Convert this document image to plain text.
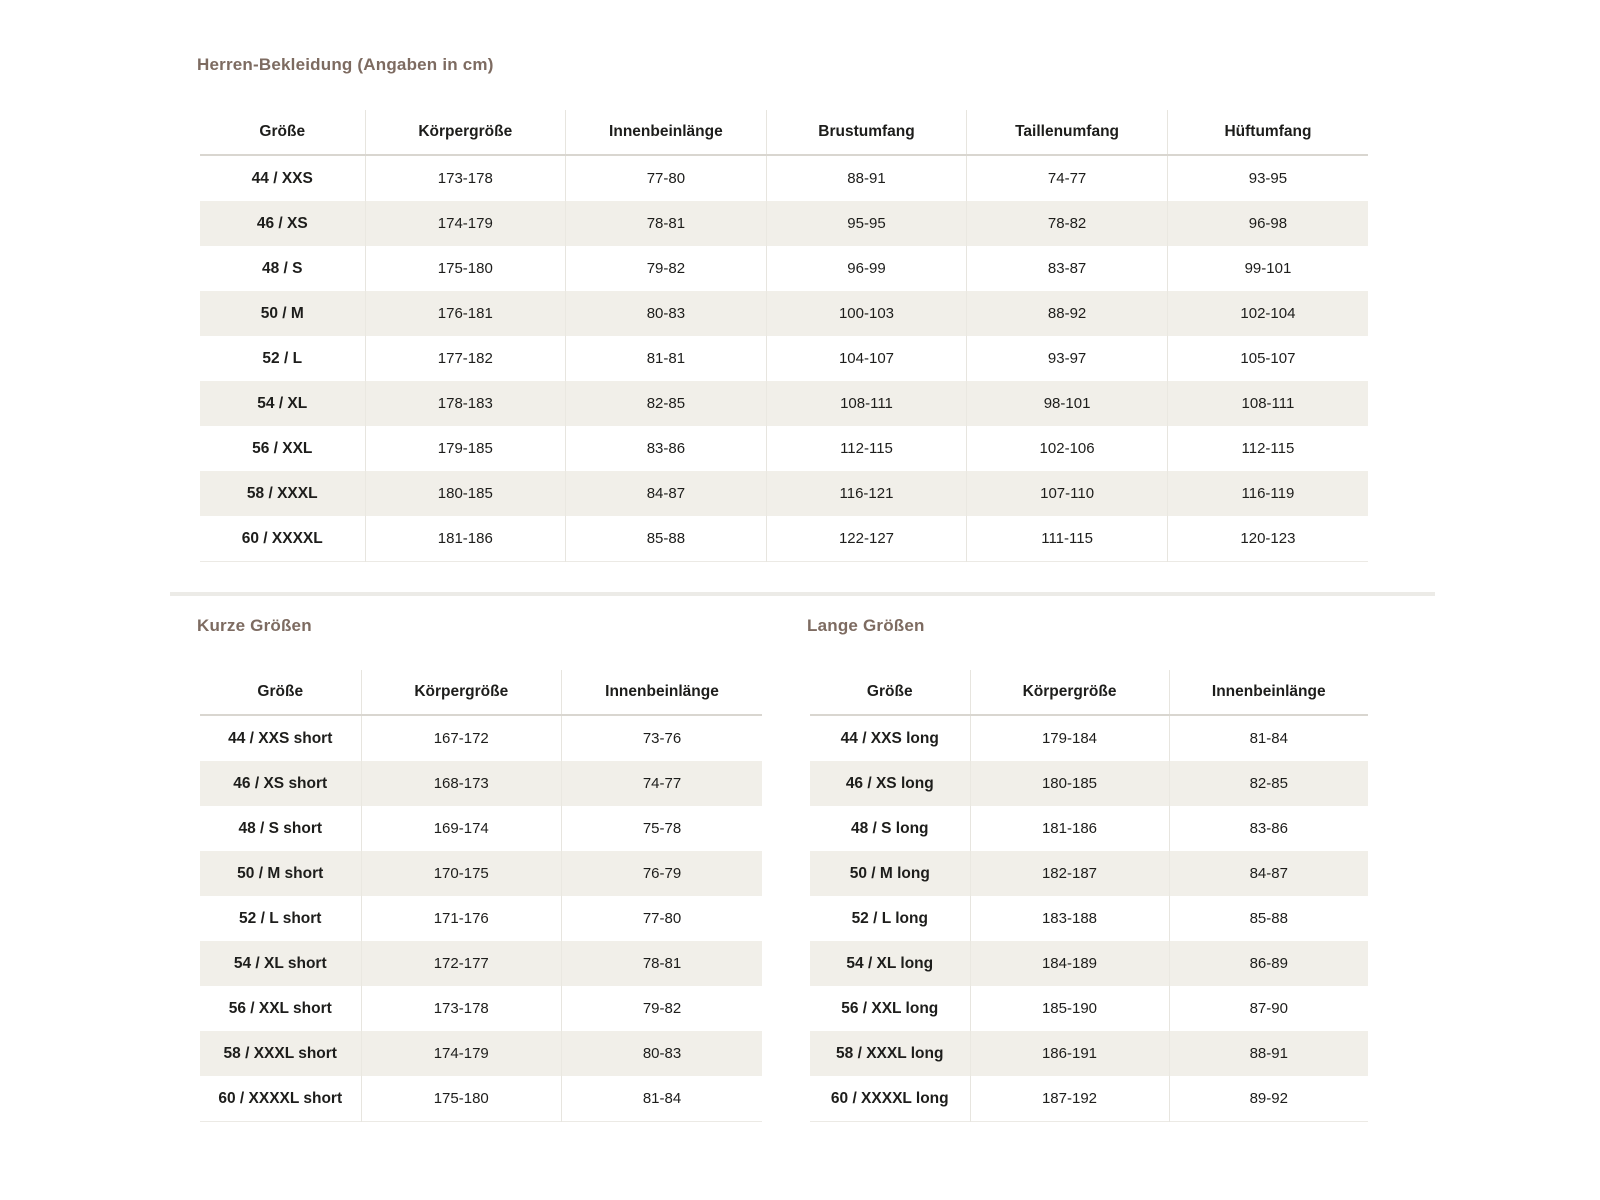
Herren-Bekleidung (Angaben in cm)
Größe	Körpergröße	Innenbeinlänge	Brustumfang	Taillenumfang	Hüftumfang
44 / XXS	173-178	77-80	88-91	74-77	93-95
46 / XS	174-179	78-81	95-95	78-82	96-98
48 / S	175-180	79-82	96-99	83-87	99-101
50 / M	176-181	80-83	100-103	88-92	102-104
52 / L	177-182	81-81	104-107	93-97	105-107
54 / XL	178-183	82-85	108-111	98-101	108-111
56 / XXL	179-185	83-86	112-115	102-106	112-115
58 / XXXL	180-185	84-87	116-121	107-110	116-119
60 / XXXXL	181-186	85-88	122-127	111-115	120-123
Kurze Größen	Lange Größen
Größe	Körpergröße	Innenbeinlänge
44 / XXS short	167-172	73-76
46 / XS short	168-173	74-77
48 / S short	169-174	75-78
50 / M short	170-175	76-79
52 / L short	171-176	77-80
54 / XL short	172-177	78-81
56 / XXL short	173-178	79-82
58 / XXXL short	174-179	80-83
60 / XXXXL short	175-180	81-84
Größe	Körpergröße	Innenbeinlänge
44 / XXS long	179-184	81-84
46 / XS long	180-185	82-85
48 / S long	181-186	83-86
50 / M long	182-187	84-87
52 / L long	183-188	85-88
54 / XL long	184-189	86-89
56 / XXL long	185-190	87-90
58 / XXXL long	186-191	88-91
60 / XXXXL long	187-192	89-92
